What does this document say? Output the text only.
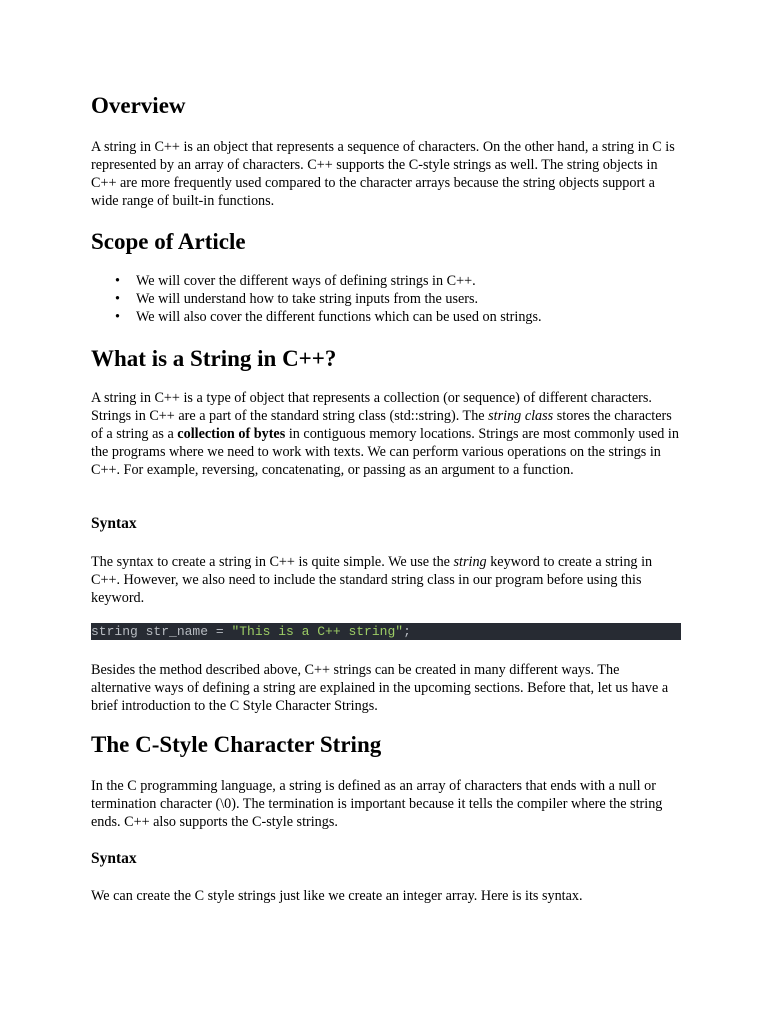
Overview

A string in C++ is an object that represents a sequence of characters. On the other hand, a string in C is represented by an array of characters. C++ supports the C-style strings as well. The string objects in C++ are more frequently used compared to the character arrays because the string objects support a wide range of built-in functions.

Scope of Article
• We will cover the different ways of defining strings in C++.
• We will understand how to take string inputs from the users.
• We will also cover the different functions which can be used on strings.
What is a String in C++?

A string in C++ is a type of object that represents a collection (or sequence) of different characters. Strings in C++ are a part of the standard string class (std::string). The string class stores the characters of a string as a collection of bytes in contiguous memory locations. Strings are most commonly used in the programs where we need to work with texts. We can perform various operations on the strings in C++. For example, reversing, concatenating, or passing as an argument to a function.

Syntax

The syntax to create a string in C++ is quite simple. We use the string keyword to create a string in C++. However, we also need to include the standard string class in our program before using this keyword.

string str_name = "This is a C++ string";

Besides the method described above, C++ strings can be created in many different ways. The alternative ways of defining a string are explained in the upcoming sections. Before that, let us have a brief introduction to the C Style Character Strings.

The C-Style Character String

In the C programming language, a string is defined as an array of characters that ends with a null or termination character (\0). The termination is important because it tells the compiler where the string ends. C++ also supports the C-style strings.

Syntax

We can create the C style strings just like we create an integer array. Here is its syntax.
